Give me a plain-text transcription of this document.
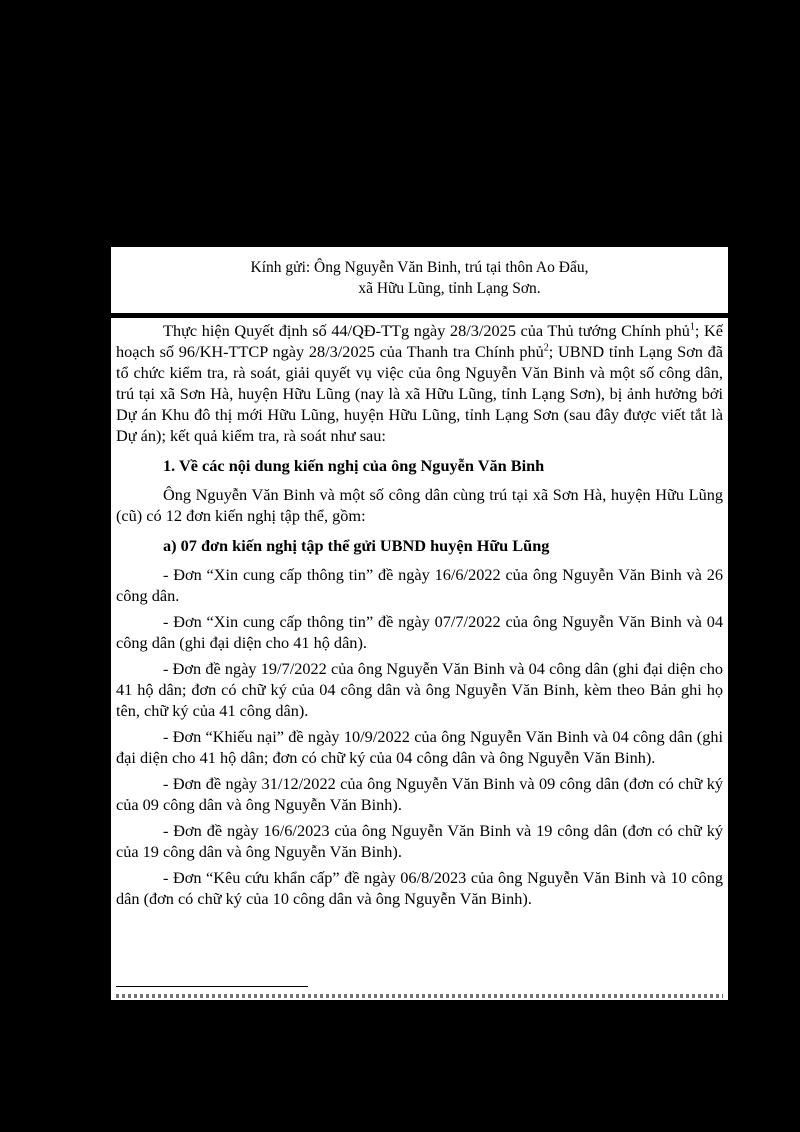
Kính gửi: Ông Nguyễn Văn Binh, trú tại thôn Ao Đẩu,
xã Hữu Lũng, tỉnh Lạng Sơn.

Thực hiện Quyết định số 44/QĐ-TTg ngày 28/3/2025 của Thủ tướng Chính phủ$^1$; Kế hoạch số 96/KH-TTCP ngày 28/3/2025 của Thanh tra Chính phủ$^2$; UBND tỉnh Lạng Sơn đã tổ chức kiểm tra, rà soát, giải quyết vụ việc của ông Nguyễn Văn Binh và một số công dân, trú tại xã Sơn Hà, huyện Hữu Lũng (nay là xã Hữu Lũng, tỉnh Lạng Sơn), bị ảnh hưởng bởi Dự án Khu đô thị mới Hữu Lũng, huyện Hữu Lũng, tỉnh Lạng Sơn (sau đây được viết tắt là Dự án); kết quả kiểm tra, rà soát như sau:

1. Về các nội dung kiến nghị của ông Nguyễn Văn Binh

Ông Nguyễn Văn Binh và một số công dân cùng trú tại xã Sơn Hà, huyện Hữu Lũng (cũ) có 12 đơn kiến nghị tập thể, gồm:

a) 07 đơn kiến nghị tập thể gửi UBND huyện Hữu Lũng

- Đơn “Xin cung cấp thông tin” đề ngày 16/6/2022 của ông Nguyễn Văn Binh và 26 công dân.

- Đơn “Xin cung cấp thông tin” đề ngày 07/7/2022 của ông Nguyễn Văn Binh và 04 công dân (ghi đại diện cho 41 hộ dân).

- Đơn đề ngày 19/7/2022 của ông Nguyễn Văn Binh và 04 công dân (ghi đại diện cho 41 hộ dân; đơn có chữ ký của 04 công dân và ông Nguyễn Văn Binh, kèm theo Bản ghi họ tên, chữ ký của 41 công dân).

- Đơn “Khiếu nại” đề ngày 10/9/2022 của ông Nguyễn Văn Binh và 04 công dân (ghi đại diện cho 41 hộ dân; đơn có chữ ký của 04 công dân và ông Nguyễn Văn Binh).

- Đơn đề ngày 31/12/2022 của ông Nguyễn Văn Binh và 09 công dân (đơn có chữ ký của 09 công dân và ông Nguyễn Văn Binh).

- Đơn đề ngày 16/6/2023 của ông Nguyễn Văn Binh và 19 công dân (đơn có chữ ký của 19 công dân và ông Nguyễn Văn Binh).

- Đơn “Kêu cứu khẩn cấp” đề ngày 06/8/2023 của ông Nguyễn Văn Binh và 10 công dân (đơn có chữ ký của 10 công dân và ông Nguyễn Văn Binh).
